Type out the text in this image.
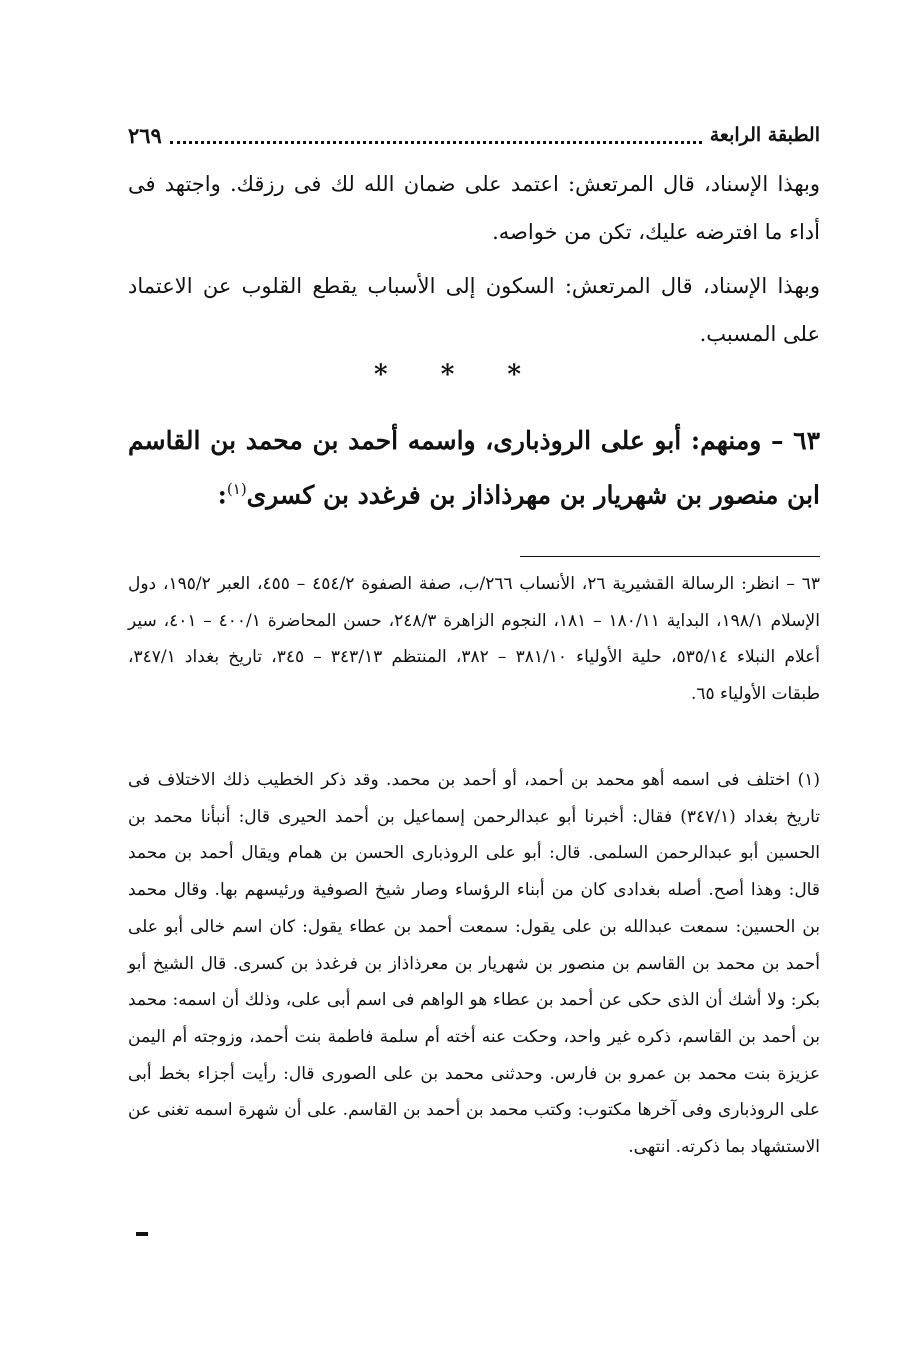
الطبقة الرابعة
٢٦٩

وبهذا الإسناد، قال المرتعش: اعتمد على ضمان الله لك فى رزقك. واجتهد فى أداء ما افترضه عليك، تكن من خواصه.

وبهذا الإسناد، قال المرتعش: السكون إلى الأسباب يقطع القلوب عن الاعتماد على المسبب.

* * *

٦٣ – ومنهم: أبو على الروذبارى، واسمه أحمد بن محمد بن القاسم ابن منصور بن شهريار بن مهرذاذاز بن فرغدد بن كسرى$^{(١)}$:

٦٣ – انظر: الرسالة القشيرية ٢٦، الأنساب ٢٦٦/ب، صفة الصفوة ٤٥٤/٢ – ٤٥٥، العبر ١٩٥/٢، دول الإسلام ١٩٨/١، البداية ١٨٠/١١ – ١٨١، النجوم الزاهرة ٢٤٨/٣، حسن المحاضرة ٤٠٠/١ – ٤٠١، سير أعلام النبلاء ٥٣٥/١٤، حلية الأولياء ٣٨١/١٠ – ٣٨٢، المنتظم ٣٤٣/١٣ – ٣٤٥، تاريخ بغداد ٣٤٧/١، طبقات الأولياء ٦٥.

(١) اختلف فى اسمه أهو محمد بن أحمد، أو أحمد بن محمد. وقد ذكر الخطيب ذلك الاختلاف فى تاريخ بغداد (٣٤٧/١) فقال: أخبرنا أبو عبدالرحمن إسماعيل بن أحمد الحيرى قال: أنبأنا محمد بن الحسين أبو عبدالرحمن السلمى. قال: أبو على الروذبارى الحسن بن همام ويقال أحمد بن محمد قال: وهذا أصح. أصله بغدادى كان من أبناء الرؤساء وصار شيخ الصوفية ورئيسهم بها. وقال محمد بن الحسين: سمعت عبدالله بن على يقول: سمعت أحمد بن عطاء يقول: كان اسم خالى أبو على أحمد بن محمد بن القاسم بن منصور بن شهريار بن معرذاذاز بن فرغدذ بن كسرى. قال الشيخ أبو بكر: ولا أشك أن الذى حكى عن أحمد بن عطاء هو الواهم فى اسم أبى على، وذلك أن اسمه: محمد بن أحمد بن القاسم، ذكره غير واحد، وحكت عنه أخته أم سلمة فاطمة بنت أحمد، وزوجته أم اليمن عزيزة بنت محمد بن عمرو بن فارس. وحدثنى محمد بن على الصورى قال: رأيت أجزاء بخط أبى على الروذبارى وفى آخرها مكتوب: وكتب محمد بن أحمد بن القاسم. على أن شهرة اسمه تغنى عن الاستشهاد بما ذكرته. انتهى.
